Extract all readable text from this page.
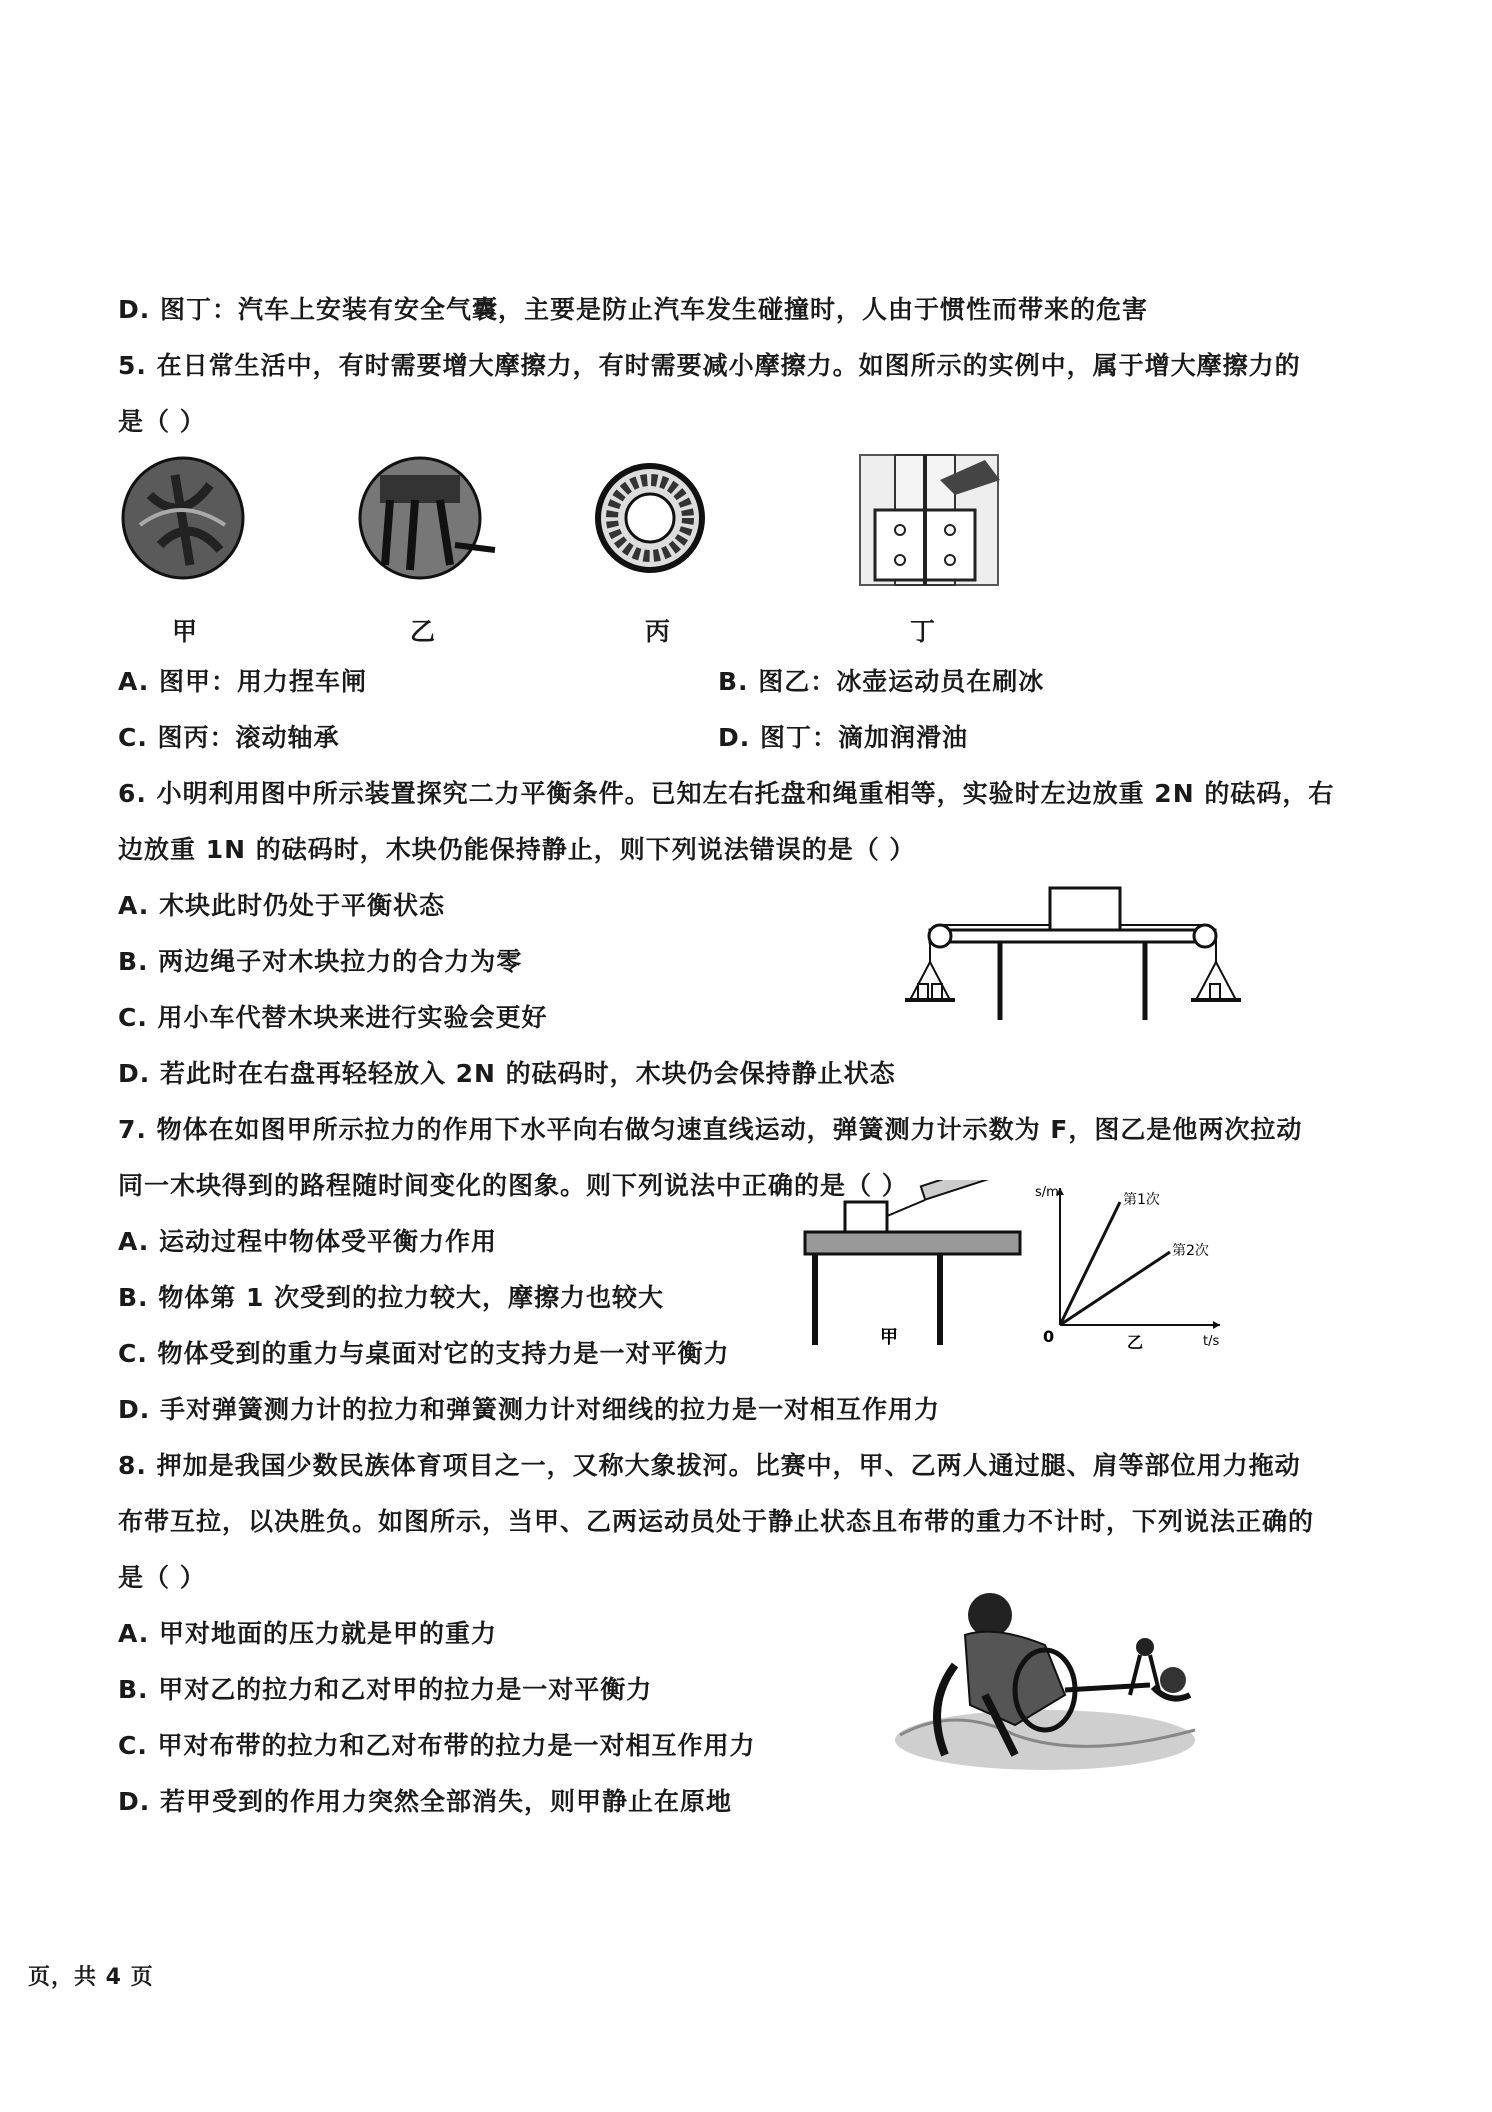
D. 图丁：汽车上安装有安全气囊，主要是防止汽车发生碰撞时，人由于惯性而带来的危害
5. 在日常生活中，有时需要增大摩擦力，有时需要减小摩擦力。如图所示的实例中，属于增大摩擦力的
是（ ）
甲	乙	丙	丁
A. 图甲：用力捏车闸	B. 图乙：冰壶运动员在刷冰
C. 图丙：滚动轴承	D. 图丁：滴加润滑油
6. 小明利用图中所示装置探究二力平衡条件。已知左右托盘和绳重相等，实验时左边放重 2N 的砝码，右
边放重 1N 的砝码时，木块仍能保持静止，则下列说法错误的是（ ）
A. 木块此时仍处于平衡状态
B. 两边绳子对木块拉力的合力为零
C. 用小车代替木块来进行实验会更好
D. 若此时在右盘再轻轻放入 2N 的砝码时，木块仍会保持静止状态
7. 物体在如图甲所示拉力的作用下水平向右做匀速直线运动，弹簧测力计示数为 F，图乙是他两次拉动
同一木块得到的路程随时间变化的图象。则下列说法中正确的是（ ）
A. 运动过程中物体受平衡力作用
B. 物体第 1 次受到的拉力较大，摩擦力也较大
C. 物体受到的重力与桌面对它的支持力是一对平衡力
D. 手对弹簧测力计的拉力和弹簧测力计对细线的拉力是一对相互作用力
甲
s/m
t/s
0
第1次
第2次
乙
8. 押加是我国少数民族体育项目之一，又称大象拔河。比赛中，甲、乙两人通过腿、肩等部位用力拖动
布带互拉，以决胜负。如图所示，当甲、乙两运动员处于静止状态且布带的重力不计时，下列说法正确的
是（ ）
A. 甲对地面的压力就是甲的重力
B. 甲对乙的拉力和乙对甲的拉力是一对平衡力
C. 甲对布带的拉力和乙对布带的拉力是一对相互作用力
D. 若甲受到的作用力突然全部消失，则甲静止在原地
页，共 4 页
